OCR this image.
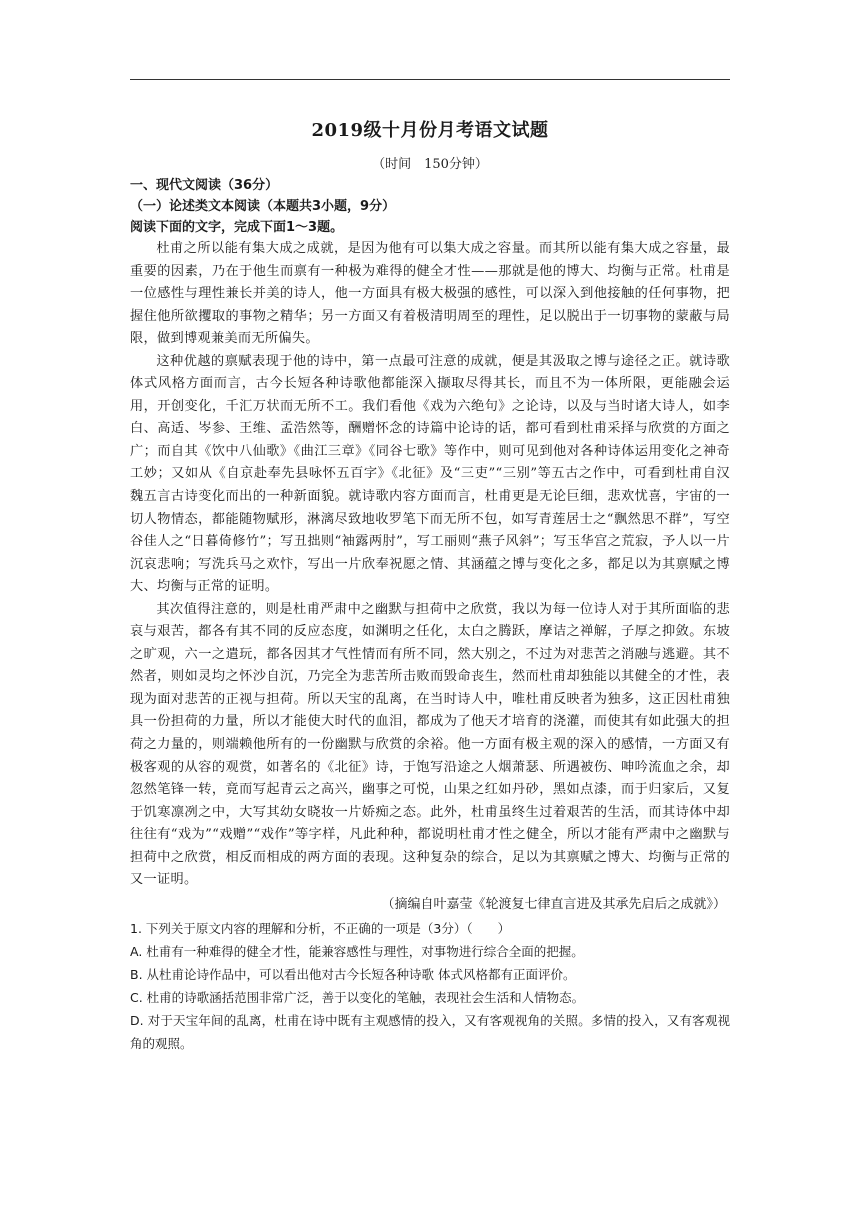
2019级十月份月考语文试题
（时间　150分钟）

一、现代文阅读（36分）

（一）论述类文本阅读（本题共3小题，9分）

阅读下面的文字，完成下面1～3题。

杜甫之所以能有集大成之成就，是因为他有可以集大成之容量。而其所以能有集大成之容量，最重要的因素，乃在于他生而禀有一种极为难得的健全才性——那就是他的博大、均衡与正常。杜甫是一位感性与理性兼长并美的诗人，他一方面具有极大极强的感性，可以深入到他接触的任何事物，把握住他所欲攫取的事物之精华；另一方面又有着极清明周至的理性，足以脱出于一切事物的蒙蔽与局限，做到博观兼美而无所偏失。

这种优越的禀赋表现于他的诗中，第一点最可注意的成就，便是其汲取之博与途径之正。就诗歌体式风格方面而言，古今长短各种诗歌他都能深入撷取尽得其长，而且不为一体所限，更能融会运用，开创变化，千汇万状而无所不工。我们看他《戏为六绝句》之论诗，以及与当时诸大诗人，如李白、高适、岑参、王维、孟浩然等，酬赠怀念的诗篇中论诗的话，都可看到杜甫采择与欣赏的方面之广；而自其《饮中八仙歌》《曲江三章》《同谷七歌》等作中，则可见到他对各种诗体运用变化之神奇工妙；又如从《自京赴奉先县咏怀五百字》《北征》及“三吏”“三别”等五古之作中，可看到杜甫自汉魏五言古诗变化而出的一种新面貌。就诗歌内容方面而言，杜甫更是无论巨细，悲欢忧喜，宇宙的一切人物情态，都能随物赋形，淋漓尽致地收罗笔下而无所不包，如写青莲居士之“飘然思不群”，写空谷佳人之“日暮倚修竹”；写丑拙则“袖露两肘”，写工丽则“燕子风斜”；写玉华宫之荒寂，予人以一片沉哀悲响；写洗兵马之欢忭，写出一片欣奉祝愿之情、其涵蕴之博与变化之多，都足以为其禀赋之博大、均衡与正常的证明。

其次值得注意的，则是杜甫严肃中之幽默与担荷中之欣赏，我以为每一位诗人对于其所面临的悲哀与艰苦，都各有其不同的反应态度，如渊明之任化，太白之腾跃，摩诘之禅解，子厚之抑敛。东坡之旷观，六一之遣玩，都各因其才气性情而有所不同，然大别之，不过为对悲苦之消融与逃避。其不然者，则如灵均之怀沙自沉，乃完全为悲苦所击败而毁命丧生，然而杜甫却独能以其健全的才性，表现为面对悲苦的正视与担荷。所以天宝的乱离，在当时诗人中，唯杜甫反映者为独多，这正因杜甫独具一份担荷的力量，所以才能使大时代的血泪，都成为了他天才培育的浇灌，而使其有如此强大的担荷之力量的，则端赖他所有的一份幽默与欣赏的余裕。他一方面有极主观的深入的感情，一方面又有极客观的从容的观赏，如著名的《北征》诗，于饱写沿途之人烟萧瑟、所遇被伤、呻吟流血之余，却忽然笔锋一转，竟而写起青云之高兴，幽事之可悦，山果之红如丹砂，黑如点漆，而于归家后，又复于饥寒凛冽之中，大写其幼女晓妆一片娇痴之态。此外，杜甫虽终生过着艰苦的生活，而其诗体中却往往有“戏为”“戏赠”“戏作”等字样，凡此种种，都说明杜甫才性之健全，所以才能有严肃中之幽默与担荷中之欣赏，相反而相成的两方面的表现。这种复杂的综合，足以为其禀赋之博大、均衡与正常的又一证明。

（摘编自叶嘉莹《轮渡复七律直言进及其承先启后之成就》）

1. 下列关于原文内容的理解和分析，不正确的一项是（3分）（　　）

A. 杜甫有一种难得的健全才性，能兼容感性与理性，对事物进行综合全面的把握。

B. 从杜甫论诗作品中，可以看出他对古今长短各种诗歌 体式风格都有正面评价。

C. 杜甫的诗歌涵括范围非常广泛，善于以变化的笔触，表现社会生活和人情物态。

D. 对于天宝年间的乱离，杜甫在诗中既有主观感情的投入，又有客观视角的关照。多情的投入，又有客观视角的观照。
